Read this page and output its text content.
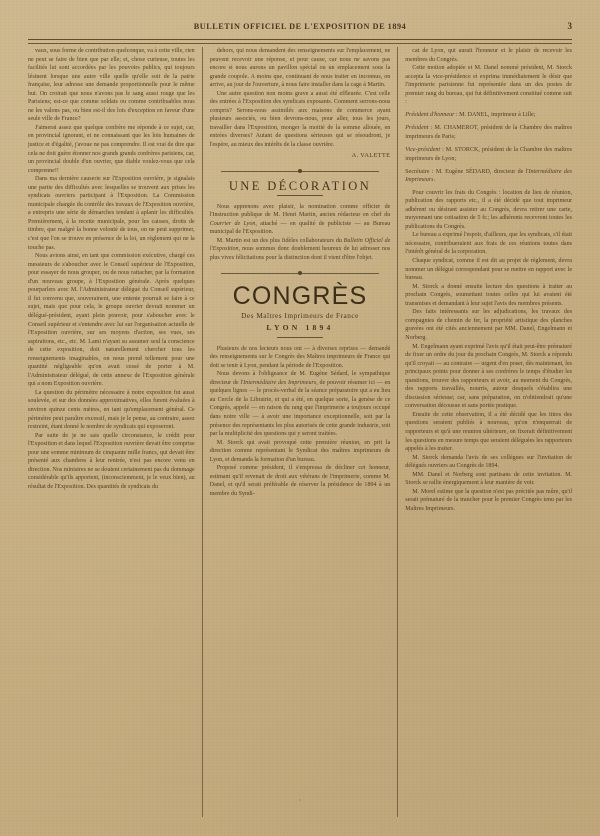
BULLETIN OFFICIEL DE L'EXPOSITION DE 1894	3

vaux, sous forme de contribution quelconque, va à cette ville, rien ne peut se faire de bien que par elle; et, chose curieuse, toutes les facilités lui sont accordées par les pouvoirs publics, qui toujours lésinent lorsque une autre ville quelle qu'elle soit de la patrie française, leur adresse une demande proportionnelle pour le même but. On croirait que nous n'avons pas le sang aussi rouge que les Parisiens; est-ce que comme soldats ou comme contribuables nous ne les valons pas, ou bien est-il des lois d'exception en faveur d'une seule ville de France?

J'aimerai assez que quelque confrère me réponde à ce sujet, car, en provincial ignorant, et ne connaissant que les lois humaines de justice et d'égalité, j'avoue ne pas comprendre. Il est vrai de dire que cela ne doit guère étonner nos grands grands confrères parisiens, car, un provincial double d'un ouvrier, que diable voulez-vous que cela comprenne!!

Dans ma dernière causerie sur l'Exposition ouvrière, je signalais une partie des difficultés avec lesquelles se trouvent aux prises les syndicats ouvriers participant à l'Exposition. La Commission municipale chargée du contrôle des travaux de l'Exposition ouvrière, a entrepris une série de démarches tendant à aplanir les difficultés. Premièrement, à la recette municipale, pour les caisses, droits de timbre, que malgré la bonne volonté de tous, on ne peut supprimer, c'est que l'on se trouve en présence de la loi, un règlement qui ne la touche pas.

Nous avions ainsi, en tant que commission exécutive, chargé ces messieurs de s'aboucher avec le Conseil supérieur de l'Exposition, pour essayer de nous grouper, ou de nous rattacher, par la formation d'un nouveau groupe, à l'Exposition générale. Après quelques pourparlers avec M. l'Administrateur délégué du Conseil supérieur, il fut convenu que, souverainent, une entente pourrait se faire à ce sujet, mais que pour cela, le groupe ouvrier devrait nommer un délégué-président, ayant plein pouvoir, pour s'aboucher avec le Conseil supérieur et s'entendre avec lui sur l'organisation actuelle de l'Exposition ouvrière, sur ses moyens d'action, ses vues, ses aspirations, etc., etc. M. Lami n'ayant su assumer seul la conscience de cette exposition, doit naturellement chercher tous les renseignements imaginables, on nous prend tellement pour une quantité négligeable qu'on avait cessé de porter à M. l'Administrateur délégué, de cette annexe de l'Exposition générale qui a nom Exposition ouvrière.

La question du périmètre nécessaire à notre exposition fut aussi soulevée, et sur des données approximatives, elles furent évaluées à environ quinze cents mètres, en tant qu'emplacement général. Ce périmètre peut paraître excessif, mais je le pense, au contraire, assez restreint, étant donné le nombre de syndicats qui exposeront.

Par suite de je ne sais quelle circonstance, le crédit pour l'Exposition et dans lequel l'Exposition ouvrière devait être comprise pour une somme minimum de cinquante mille francs, qui devait être présenté aux chambres à leur rentrée, n'est pas encore venu en direction. Nos ministres ne se doutent certainement pas du dommage considérable qu'ils apportent, (inconsciemment, je le veux bien), au résultat de l'Exposition. Des quantités de syndicats du

dehors, qui nous demandent des renseignements sur l'emplacement, ne peuvent recevoir une réponse, et pour cause, car nous ne savons pas encore si nous aurons un pavillon spécial ou un emplacement sous la grande coupole. A moins que, continuant de nous traiter en inconnus, on arrive, au jour de l'ouverture, à nous faire installer dans la cage à Martin.

Une autre question non moins grave a aussi été effleurée. C'est celle des entrées à l'Exposition des syndicats exposants. Comment serrons-nous compris? Serons-nous assimilés aux maisons de commerce ayant plusieurs associés, ou bien devrons-nous, pour aller, tous les jours, travailler dans l'Exposition, monger la moitié de la somme allouée, en entrées diverses? Autant de questions sérieuses qui se résoudront, je l'espère, au mieux des intérêts de la classe ouvrière.

A. VALETTE
UNE DÉCORATION

Nous apprenons avec plaisir, la nomination comme officier de l'Instruction publique de M. Henri Martin, ancien rédacteur en chef du Courrier de Lyon, attaché — en qualité de publiciste — au Bureau municipal de l'Exposition.

M. Martin est un des plus fidèles collaborateurs du Bulletin Officiel de l'Exposition, nous sommes donc doublement heureux de lui adresser nos plus vives félicitations pour la distinction dont il vient d'être l'objet.

CONGRÈS
Des Maîtres Imprimeurs de France
LYON 1894

Plusieurs de nos lecteurs nous ont — à diverses reprises — demandé des renseignements sur le Congrès des Maîtres imprimeurs de France qui doit se tenir à Lyon, pendant la période de l'Exposition.

Nous devons à l'obligeance de M. Eugène Sédard, le sympathique directeur de l'Intermédiaire des Imprimeurs, de pouvoir résumer ici — en quelques lignes — le procès-verbal de la séance préparatoire qui a eu lieu au Cercle de la Librairie, et qui a été, en quelque sorte, la genèse de ce Congrès, appelé — en raison du rang que l'imprimerie a toujours occupé dans notre ville — à avoir une importance exceptionnelle, soit par la présence des représentants les plus autorisés de cette grande industrie, soit par la multiplicité des questions qui y seront traitées.

M. Storck qui avait provoqué cette première réunion, en prit la direction comme représentant le Syndicat des maîtres imprimeurs de Lyon, et demanda la formation d'un bureau.

Proposé comme président, il s'empressa de décliner cet honneur, estimant qu'il revenait de droit aux vétérans de l'imprimerie, comme M. Danel, et qu'il serait préférable de réserver la présidence de 1894 à un membre du Syndi-

cat de Lyon, qui aurait l'honneur et le plaisir de recevoir les membres du Congrès.

Cette motion adoptée et M. Danel nommé président, M. Storck accepta la vice-présidence et exprima immédiatement le désir que l'imprimerie parisienne fut représentée dans un des postes de premier rang du bureau, qui fut définitivement constitué comme suit :

Président d'honneur : M. DANEL, imprimeur à Lille;

Président : M. CHAMEROT, président de la Chambre des maîtres imprimeurs de Paris;

Vice-président : M. STORCK, président de la Chambre des maîtres imprimeurs de Lyon;

Secrétaire : M. Eugène SÉDARD, directeur de l'Intermédiaire des Imprimeurs.

Pour couvrir les frais du Congrès : location de lieu de réunion, publication des rapports etc., il a été décidé que tout imprimeur adhérent ou désirant assister au Congrès, devra retirer une carte, moyennant une cotisation de 5 fr.; les adhérents recevront toutes les publications du Congrès.

Le bureau a exprimé l'espoir, d'ailleurs, que les syndicats, s'il était nécessaire, contribueraient aux frais de ces réunions toutes dans l'intérêt général de la corporation.

Chaque syndicat, comme il est dit au projet de règlement, devra nommer un délégué correspondant pour se mettre en rapport avec le bureau.

M. Storck a donné ensuite lecture des questions à traiter au prochain Congrès, soumettant toutes celles qui lui avaient été transmises et demandant à leur sujet l'avis des membres présents.

Des faits intéressants sur les adjudications, les travaux des compagnies de chemin de fer, la propriété artistique des planches gravées ont été cités anciennement par MM. Danel, Engelmann et Norberg.

M. Engelmann ayant exprimé l'avis qu'il était peut-être prématuré de fixer un ordre du jour du prochain Congrès, M. Storck a répondu qu'il croyait — au contraire — urgent d'en poser, dès maintenant, les principaux points pour donner à ses confrères le temps d'étudier les questions, trouver des rapporteurs et avoir, au moment du Congrès, des rapports travaillés, nourris, autour desquels s'établira une discussion sérieuse; car, sans préparation, on n'obtiendrait qu'une conversation décousue et sans portée pratique.

Ensuite de cette observation, il a été décidé que les titres des questions seraient publiés à nouveau, qu'on n'enquerrait de rapporteurs et qu'à une reunion ultérieure, on fixerait définitivement les questions en mesure temps que seraient déléguées les rapporteurs appelés à les traiter.

M. Storck demanda l'avis de ses collègues sur l'invitation de délégués ouvriers au Congrès de 1894.

MM. Danel et Norberg sont partisans de cette invitation. M. Storck se rallie énergiquement à leur manière de voir.

M. Morel estime que la question n'est pas précitée pas mûre, qu'il serait prématuré de la trancher pour le premier Congrès tenu par les Maîtres Imprimeurs.

·
